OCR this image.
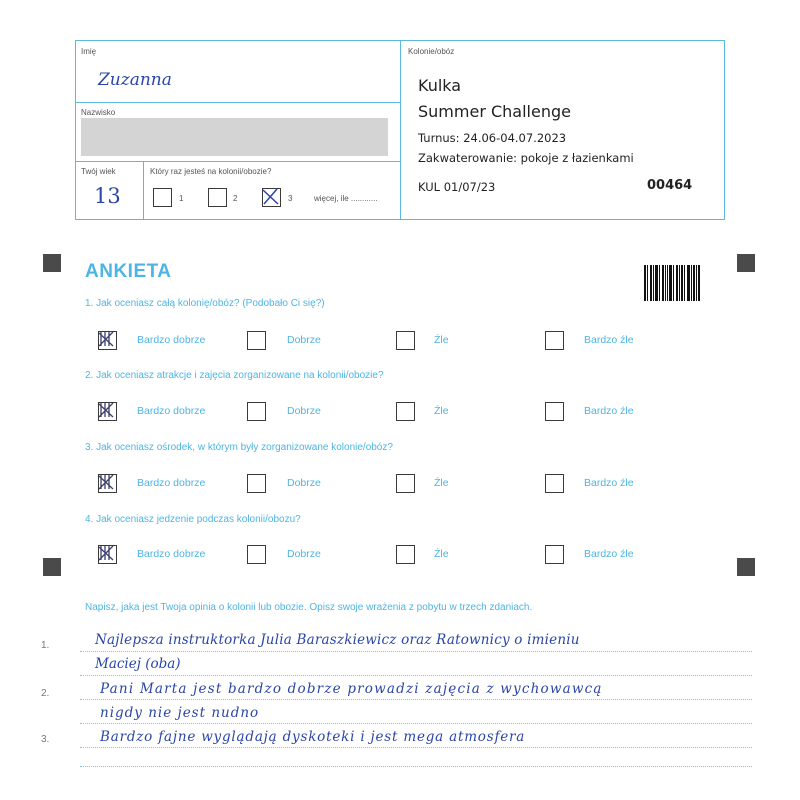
Imię
Zuzanna
Nazwisko
Twój wiek
13
Który raz jesteś na kolonii/obozie?
1	2	3	więcej, ile ............
Kolonie/obóz
Kulka
Summer Challenge
Turnus: 24.06-04.07.2023
Zakwaterowanie: pokoje z łazienkami
KUL 01/07/23	00464
ANKIETA
1. Jak oceniasz całą kolonię/obóz? (Podobało Ci się?)
Bardzo dobrze	Dobrze	Źle	Bardzo źle
2. Jak oceniasz atrakcje i zajęcia zorganizowane na kolonii/obozie?
Bardzo dobrze	Dobrze	Źle	Bardzo źle
3. Jak oceniasz ośrodek, w którym były zorganizowane kolonie/obóz?
Bardzo dobrze	Dobrze	Źle	Bardzo źle
4. Jak oceniasz jedzenie podczas kolonii/obozu?
Bardzo dobrze	Dobrze	Źle	Bardzo źle
Napisz, jaka jest Twoja opinia o kolonii lub obozie. Opisz swoje wrażenia z pobytu w trzech zdaniach.
1.
2.
3.
Najlepsza instruktorka Julia Baraszkiewicz oraz Ratownicy o imieniu
Maciej (oba)
Pani Marta jest bardzo dobrze prowadzi zajęcia z wychowawcą
nigdy nie jest nudno
Bardzo fajne wyglądają dyskoteki i jest mega atmosfera
